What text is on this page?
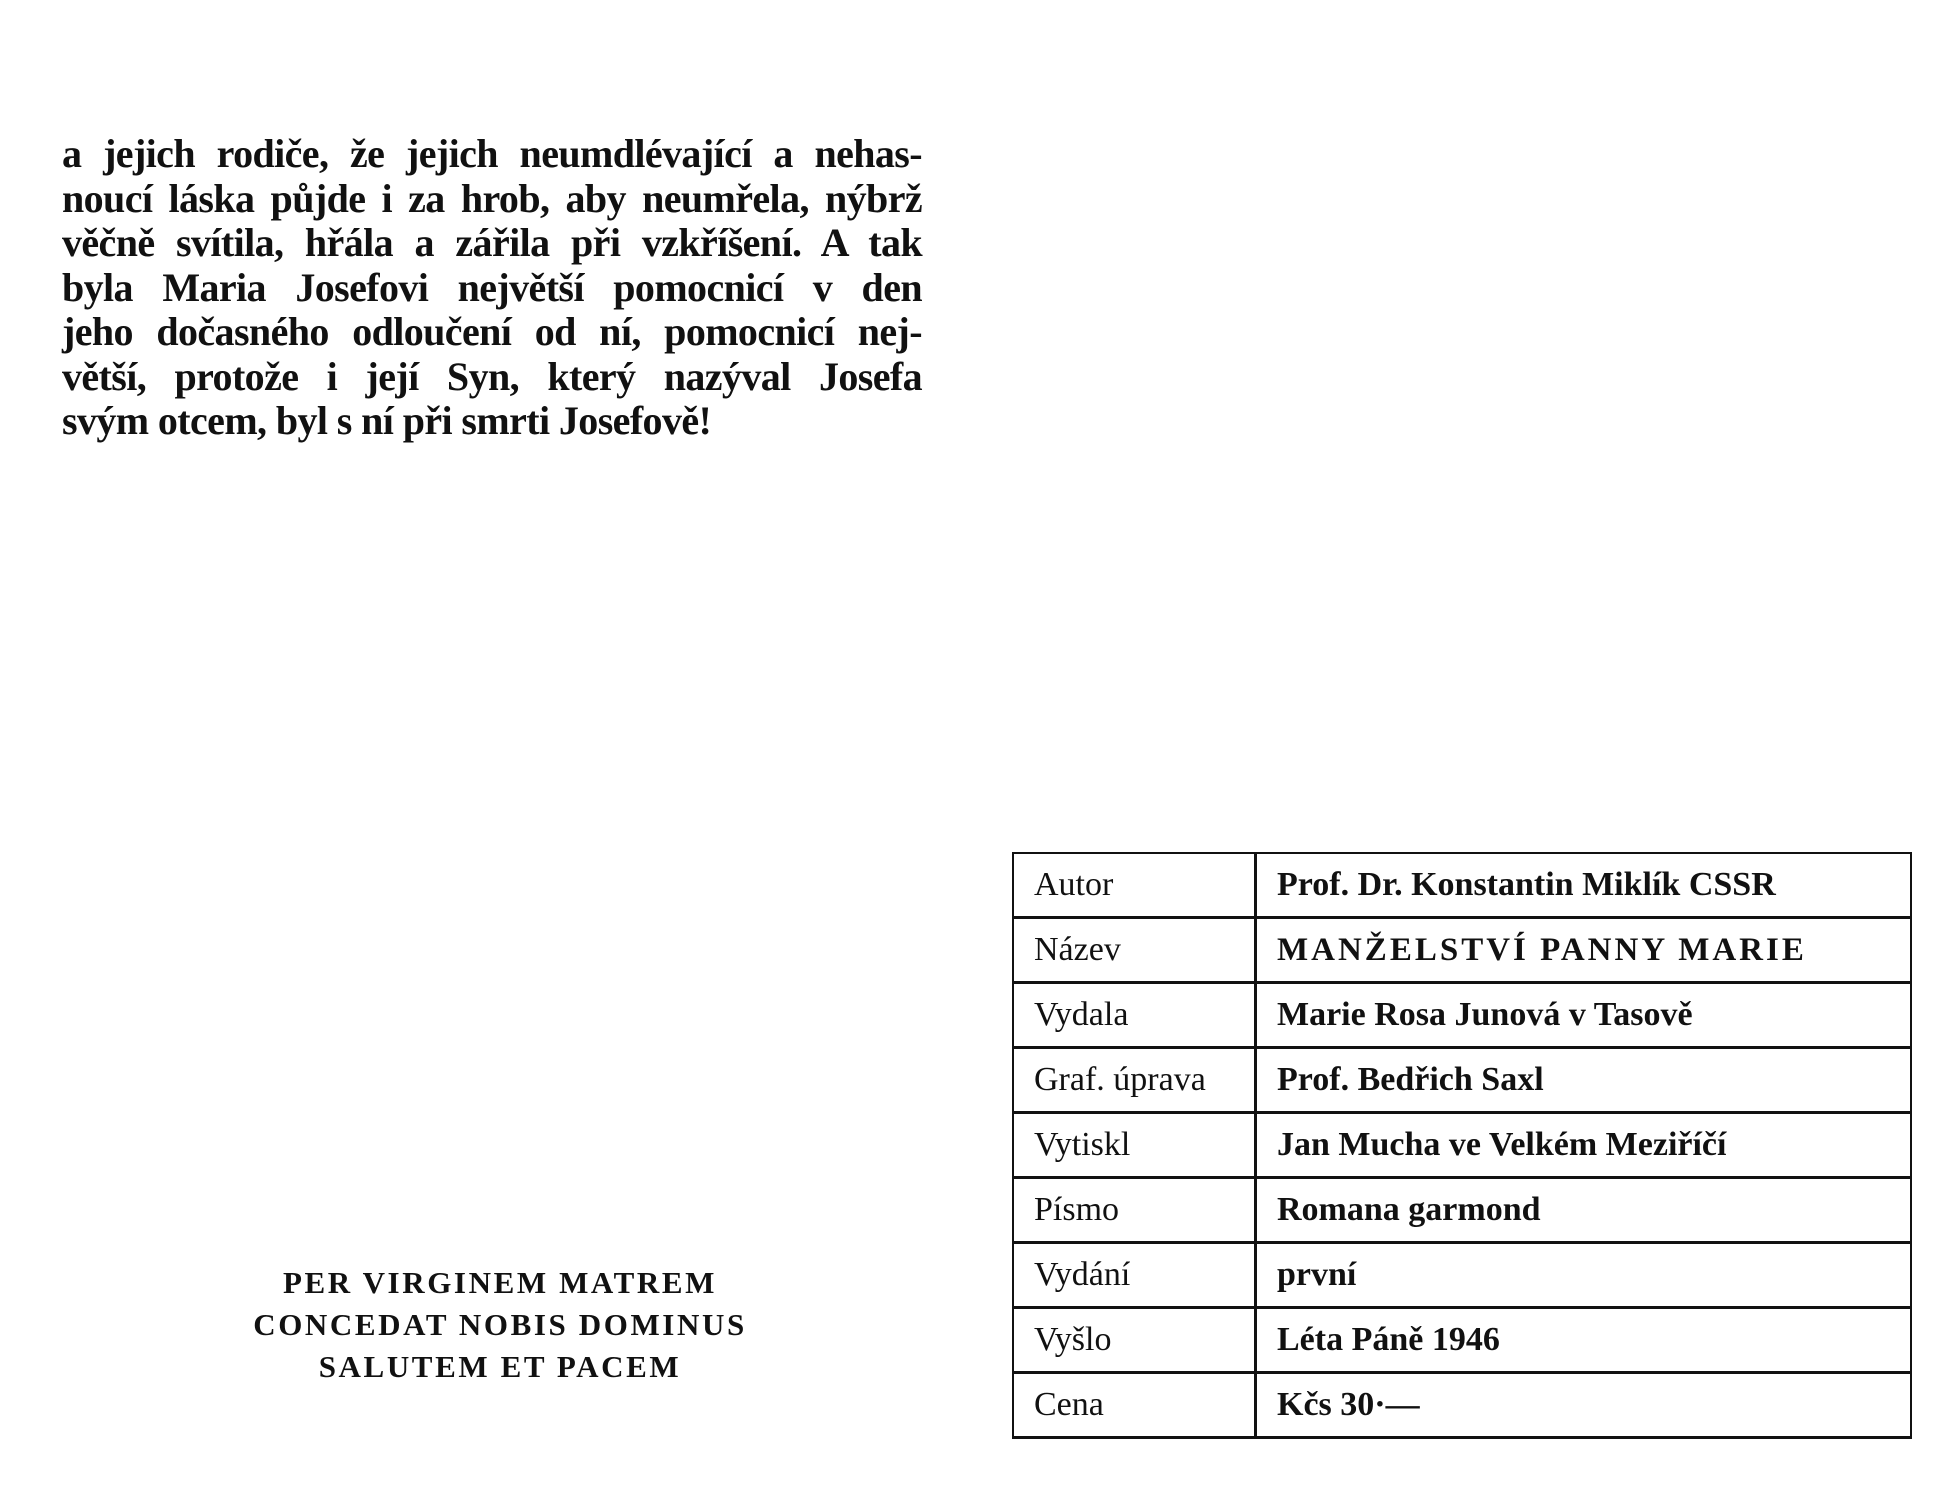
a jejich rodiče, že jejich neumdlévající a nehas-
noucí láska půjde i za hrob, aby neumřela, nýbrž
věčně svítila, hřála a zářila při vzkříšení. A tak
byla Maria Josefovi největší pomocnicí v den
jeho dočasného odloučení od ní, pomocnicí nej-
větší, protože i její Syn, který nazýval Josefa
svým otcem, byl s ní při smrti Josefově!
PER VIRGINEM MATREM
CONCEDAT NOBIS DOMINUS
SALUTEM ET PACEM
Autor	Prof. Dr. Konstantin Miklík CSSR
Název	MANŽELSTVÍ PANNY MARIE
Vydala	Marie Rosa Junová v Tasově
Graf. úprava	Prof. Bedřich Saxl
Vytiskl	Jan Mucha ve Velkém Meziříčí
Písmo	Romana garmond
Vydání	první
Vyšlo	Léta Páně 1946
Cena	Kčs 30·—
